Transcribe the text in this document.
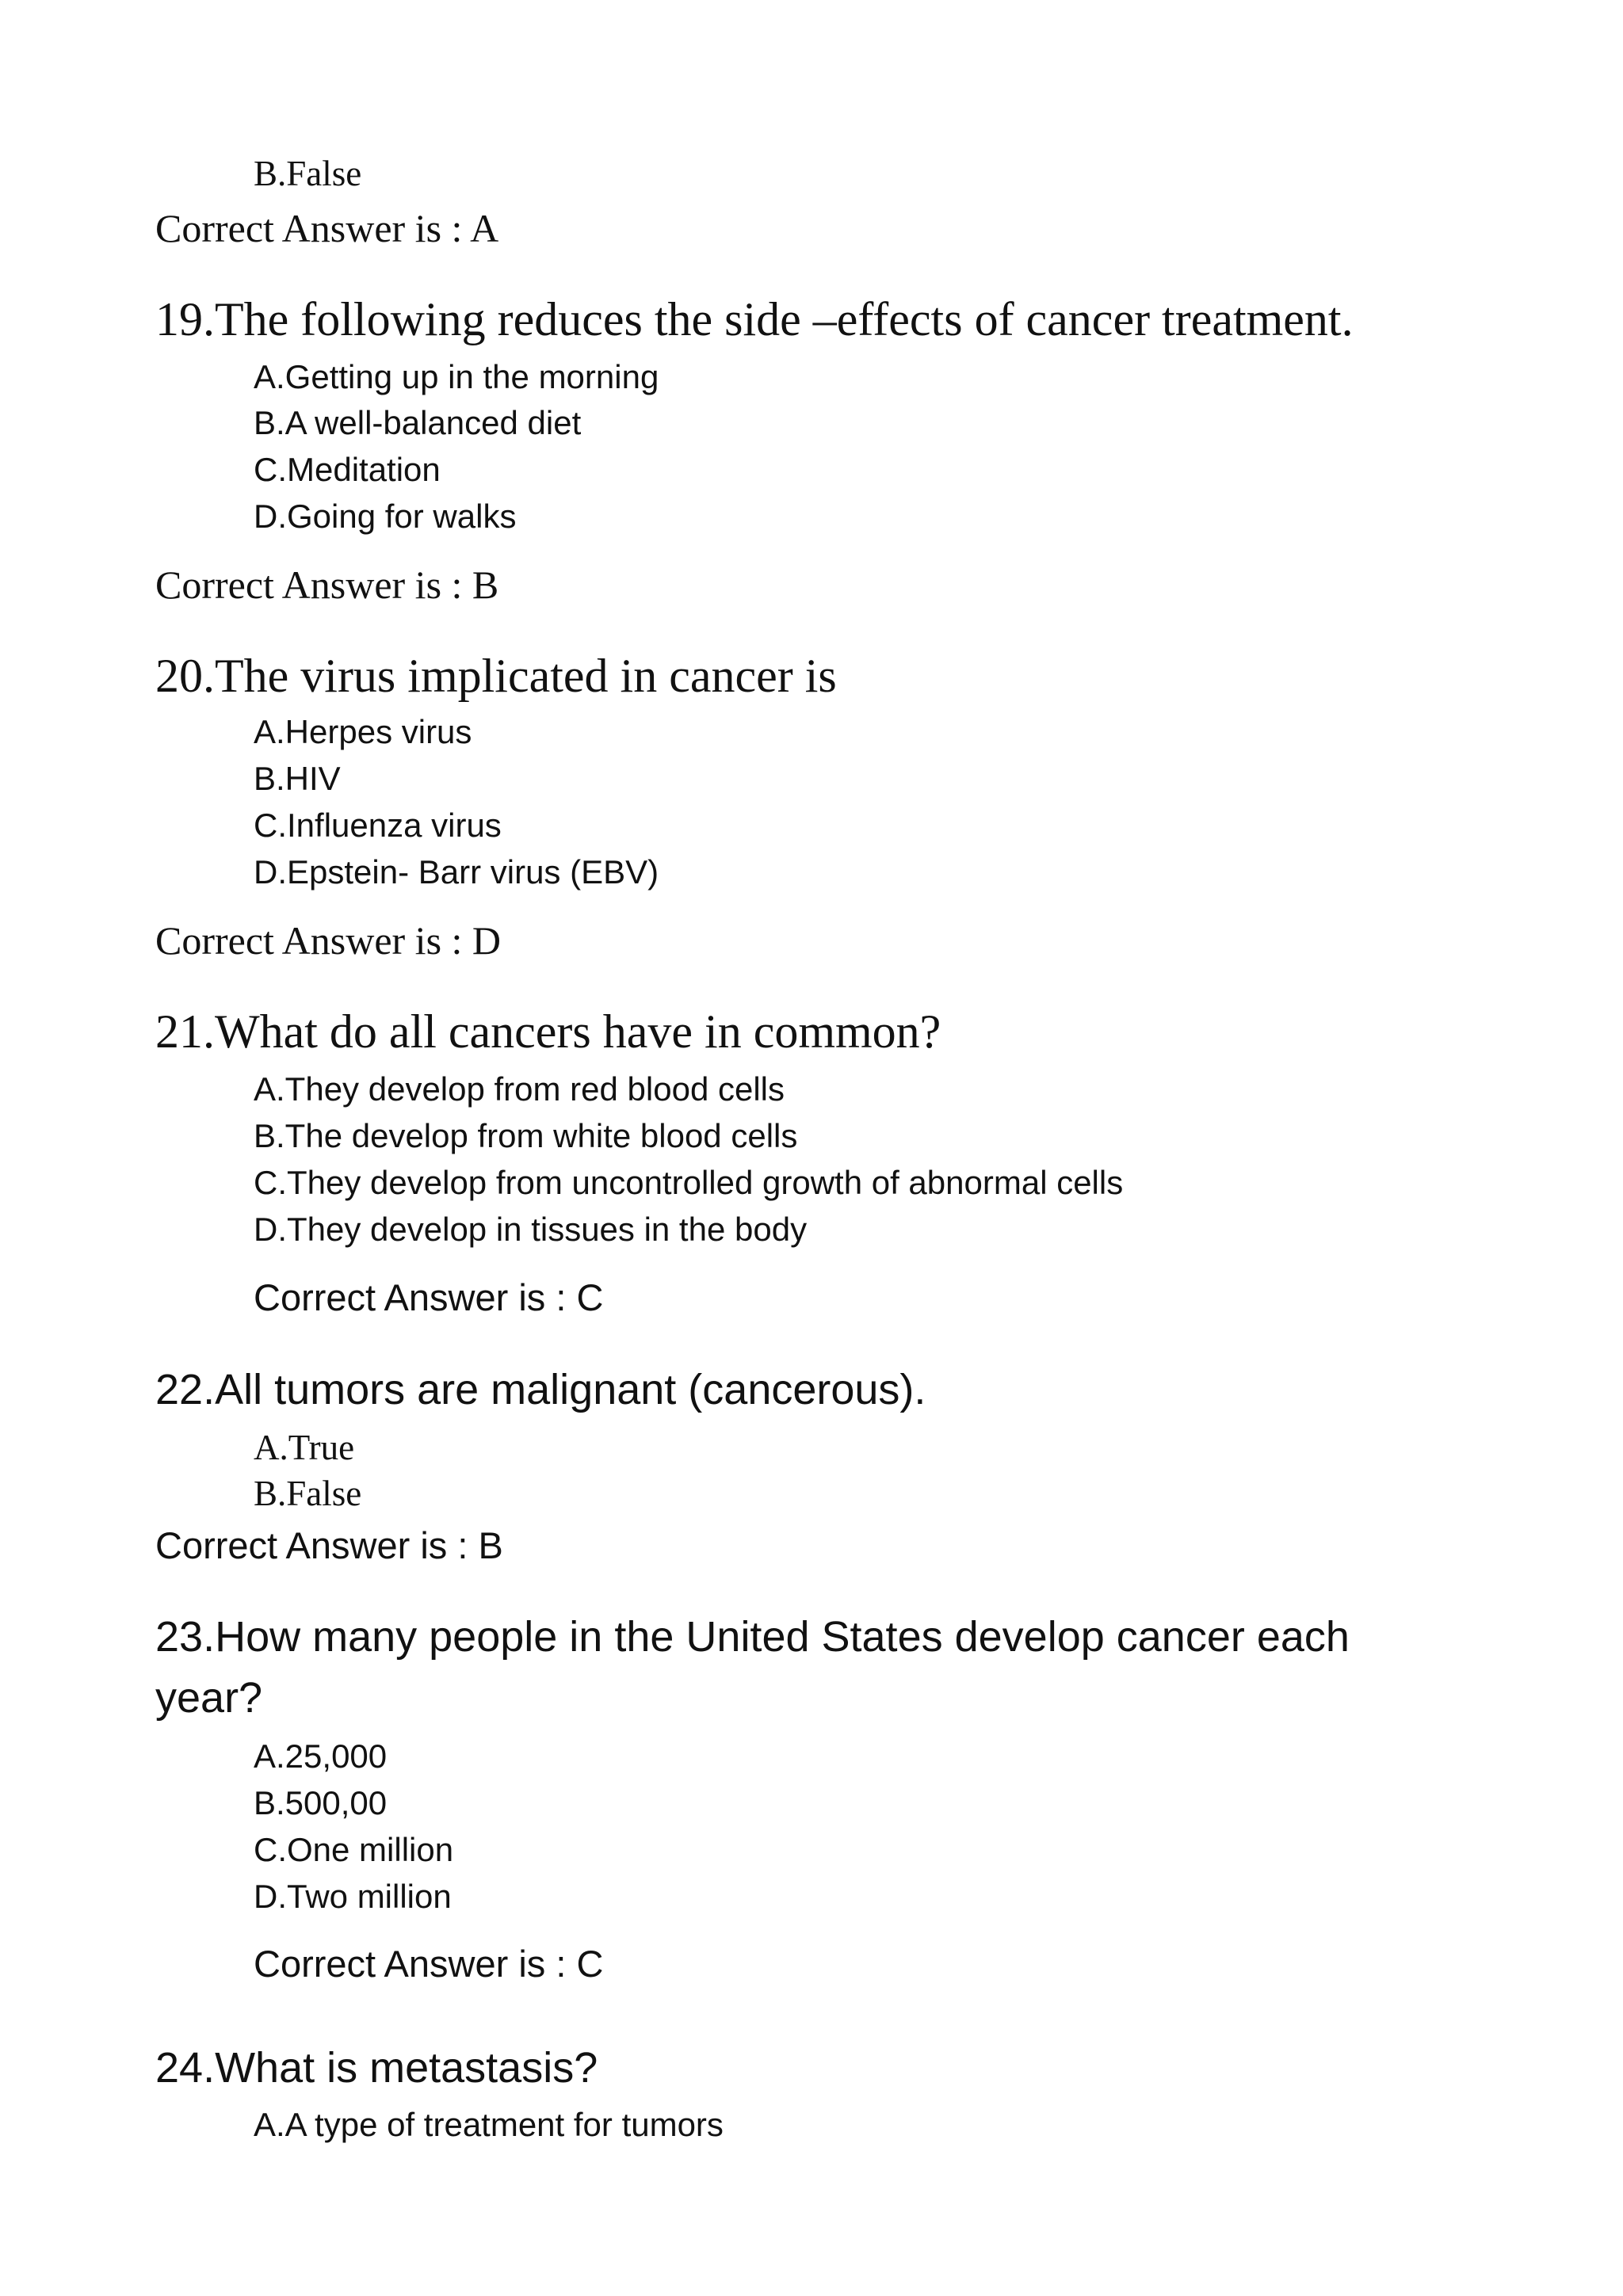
B.False
Correct Answer is : A
19.The following reduces the side –effects of cancer treatment.
A.Getting up in the morning
B.A well-balanced diet
C.Meditation
D.Going for walks
Correct Answer is : B
20.The virus implicated in cancer is
A.Herpes virus
B.HIV
C.Influenza virus
D.Epstein- Barr virus (EBV)
Correct Answer is : D
21.What do all cancers have in common?
A.They develop from red blood cells
B.The develop from white blood cells
C.They develop from uncontrolled growth of abnormal cells
D.They develop in tissues in the body
Correct Answer is : C
22.All tumors are malignant (cancerous).
A.True
B.False
Correct Answer is : B
23.How many people in the United States develop cancer each
year?
A.25,000
B.500,00
C.One million
D.Two million
Correct Answer is : C
24.What is metastasis?
A.A type of treatment for tumors
